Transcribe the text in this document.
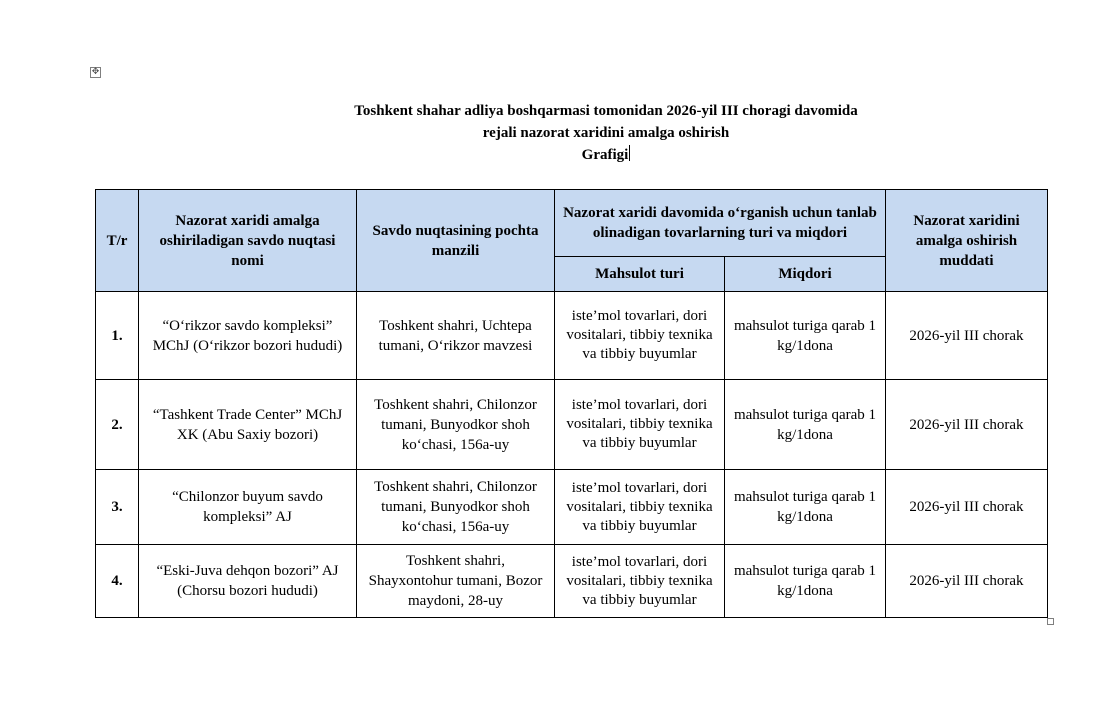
✥
Toshkent shahar adliya boshqarmasi tomonidan 2026-yil III choragi davomida
rejali nazorat xaridini amalga oshirish
Grafigi
T/r	Nazorat xaridi amalga oshiriladigan savdo nuqtasi nomi	Savdo nuqtasining pochta manzili	Nazorat xaridi davomida o‘rganish uchun tanlab olinadigan tovarlarning turi va miqdori		Nazorat xaridini amalga oshirish muddati
			Mahsulot turi	Miqdori	
1.	“O‘rikzor savdo kompleksi” MChJ (O‘rikzor bozori hududi)	Toshkent shahri, Uchtepa tumani, O‘rikzor mavzesi	iste’mol tovarlari, dori vositalari, tibbiy texnika va tibbiy buyumlar	mahsulot turiga qarab 1 kg/1dona	2026-yil III chorak
2.	“Tashkent Trade Center” MChJ XK (Abu Saxiy bozori)	Toshkent shahri, Chilonzor tumani, Bunyodkor shoh ko‘chasi, 156a-uy	iste’mol tovarlari, dori vositalari, tibbiy texnika va tibbiy buyumlar	mahsulot turiga qarab 1 kg/1dona	2026-yil III chorak
3.	“Chilonzor buyum savdo kompleksi” AJ	Toshkent shahri, Chilonzor tumani, Bunyodkor shoh ko‘chasi, 156a-uy	iste’mol tovarlari, dori vositalari, tibbiy texnika va tibbiy buyumlar	mahsulot turiga qarab 1 kg/1dona	2026-yil III chorak
4.	“Eski-Juva dehqon bozori” AJ (Chorsu bozori hududi)	Toshkent shahri, Shayxontohur tumani, Bozor maydoni, 28-uy	iste’mol tovarlari, dori vositalari, tibbiy texnika va tibbiy buyumlar	mahsulot turiga qarab 1 kg/1dona	2026-yil III chorak
